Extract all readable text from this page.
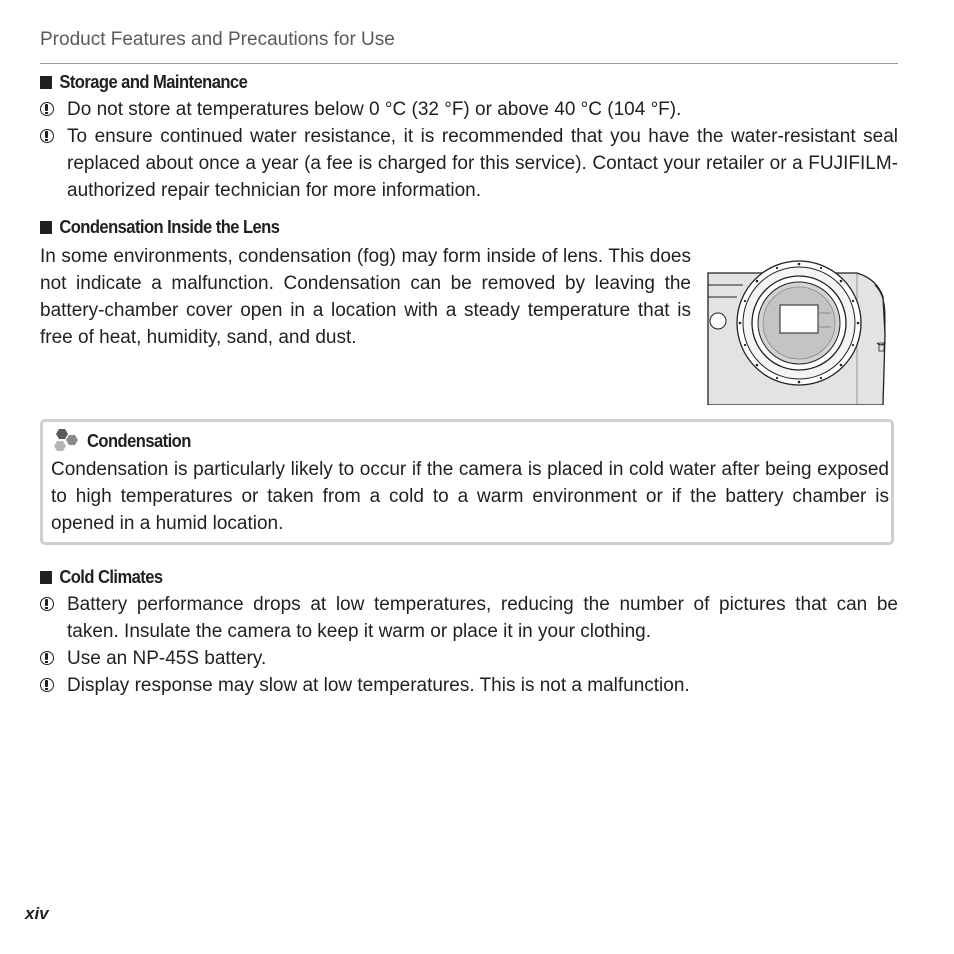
Product Features and Precautions for Use
Storage and Maintenance
Do not store at temperatures below 0 °C (32 °F) or above 40 °C (104 °F).
To ensure continued water resistance, it is recommended that you have the water-resistant seal replaced about once a year (a fee is charged for this service). Contact your retailer or a FUJIFILM-authorized repair technician for more information.
Condensation Inside the Lens

In some environments, condensation (fog) may form inside of lens. This does not indicate a malfunction. Condensation can be removed by leaving the battery-chamber cover open in a location with a steady temperature that is free of heat, humidity, sand, and dust.

Condensation

Condensation is particularly likely to occur if the camera is placed in cold water after being exposed to high temperatures or taken from a cold to a warm environment or if the battery chamber is opened in a humid location.

Cold Climates
Battery performance drops at low temperatures, reducing the number of pictures that can be taken. Insulate the camera to keep it warm or place it in your clothing.
Use an NP-45S battery.
Display response may slow at low temperatures. This is not a malfunction.
xiv
